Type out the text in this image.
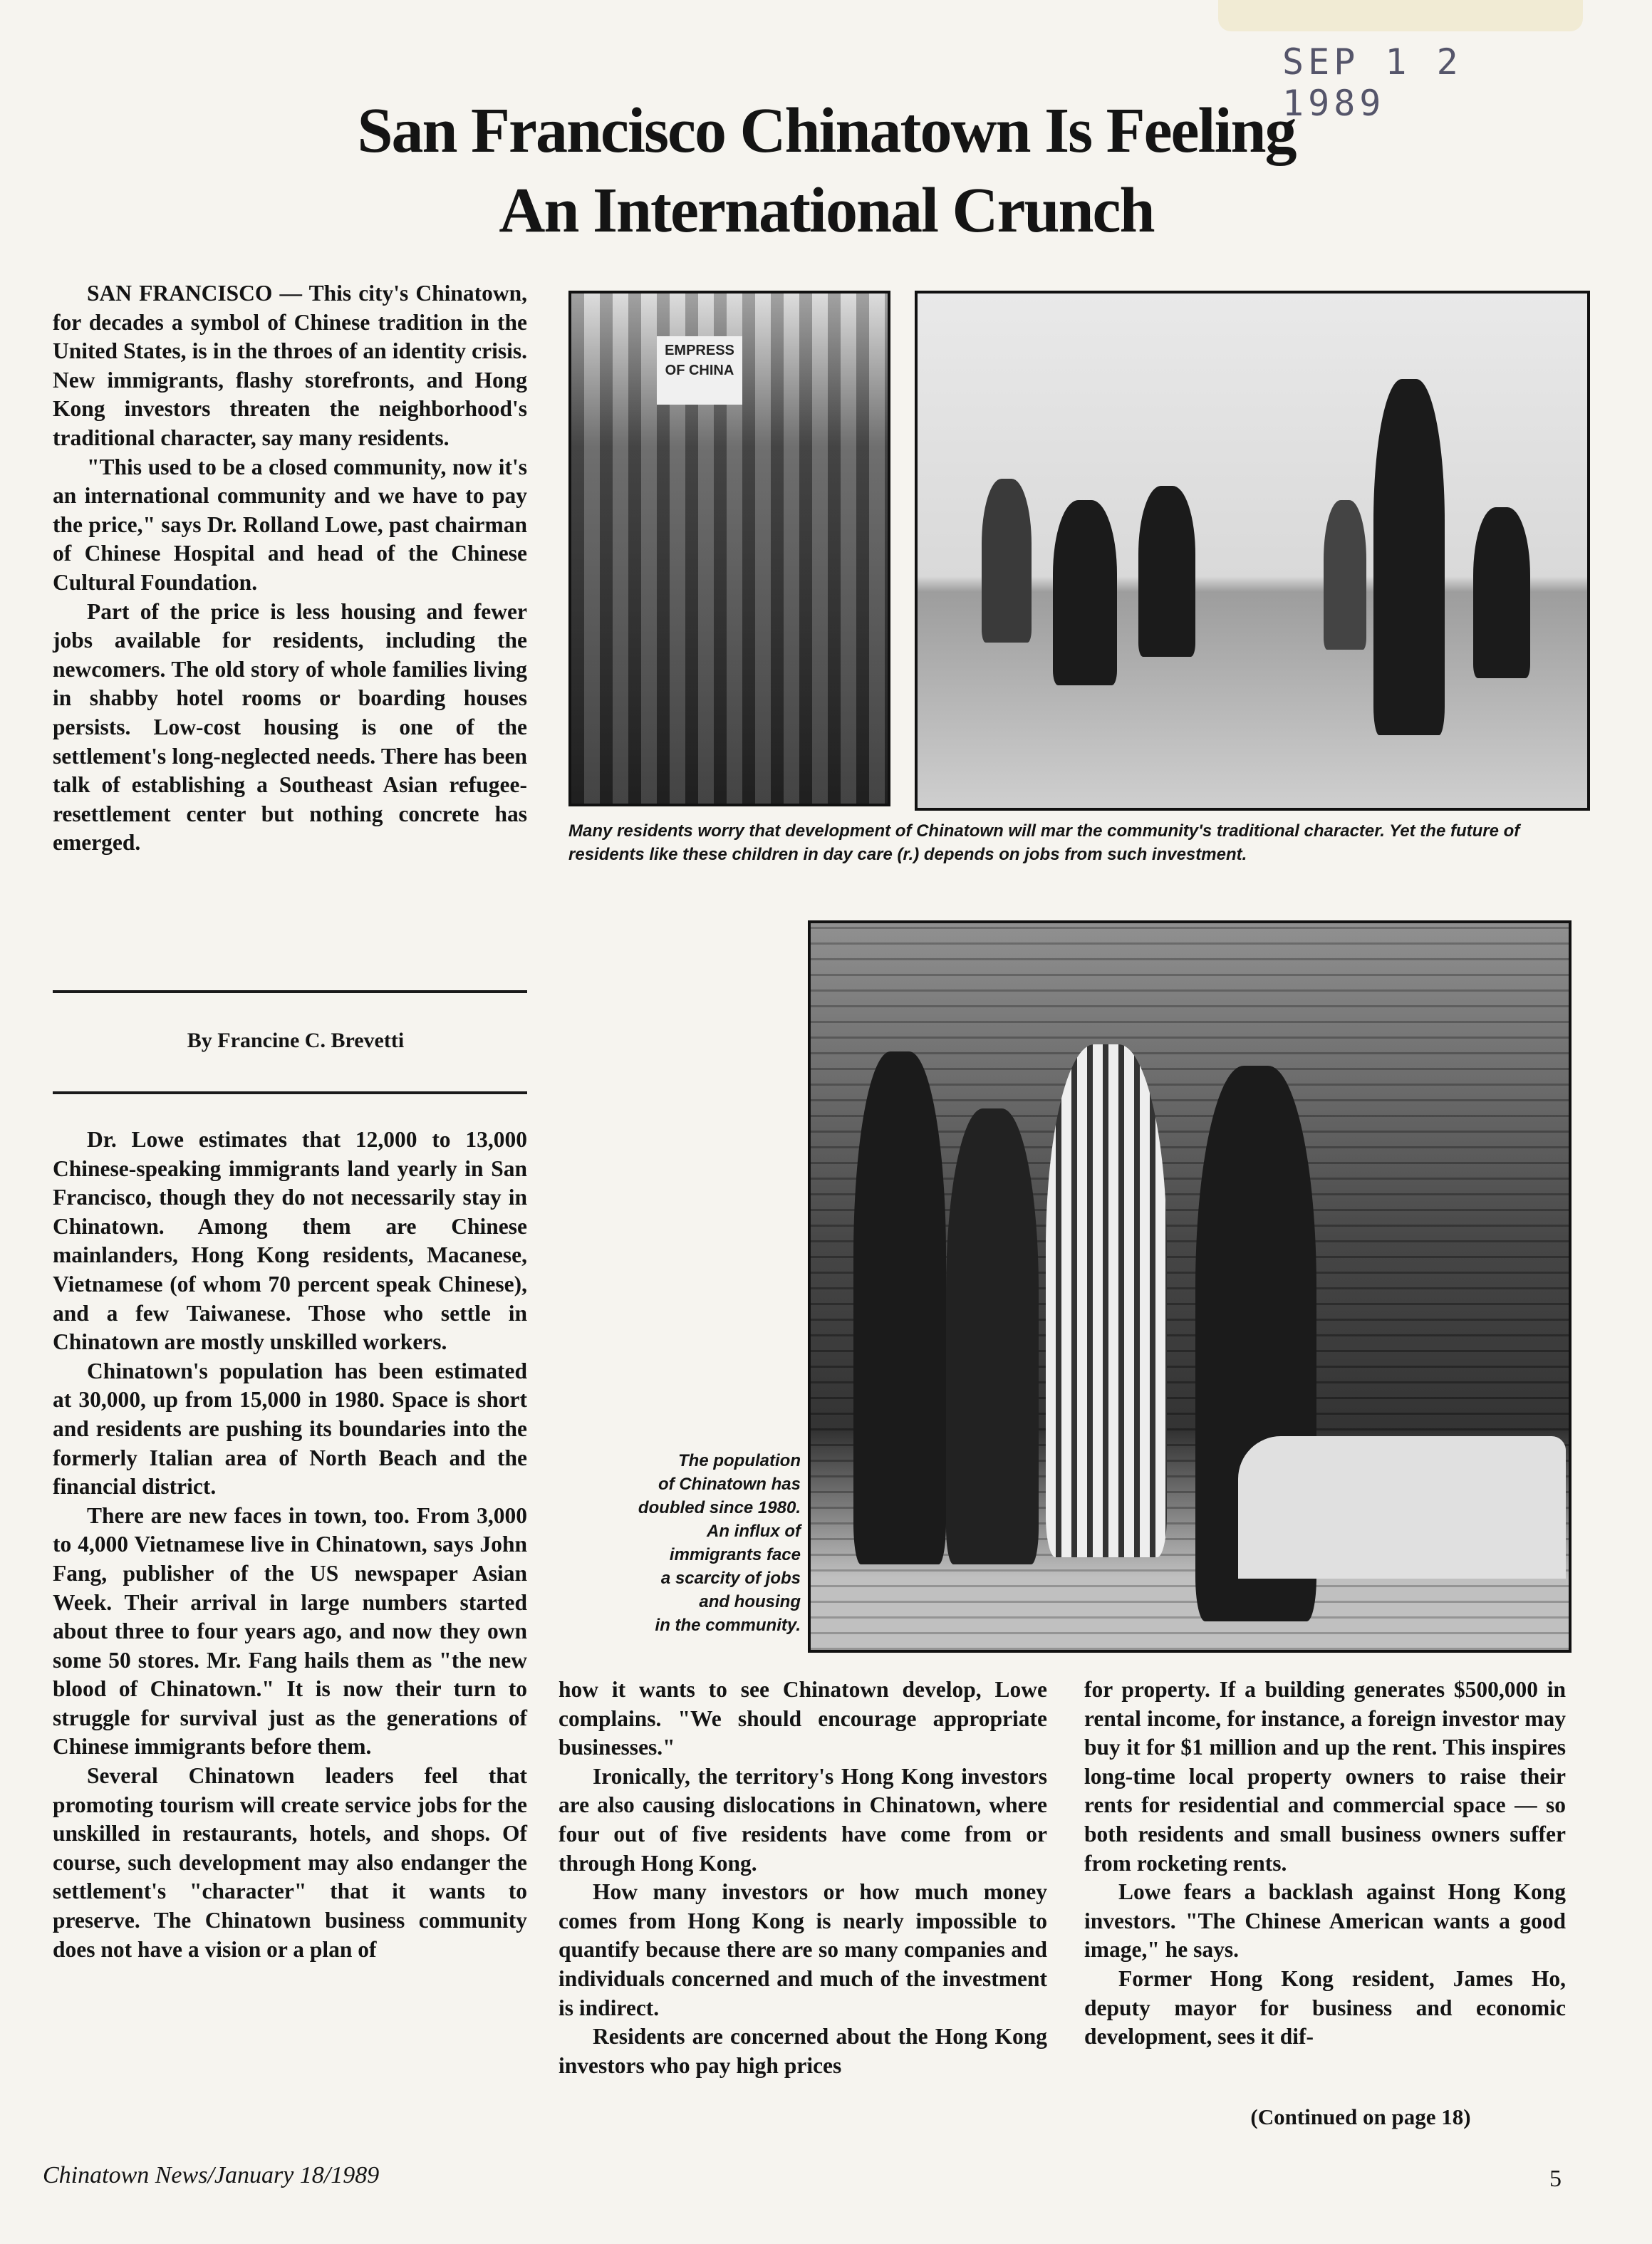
SEP 1 2 1989
San Francisco Chinatown Is Feeling
An International Crunch

SAN FRANCISCO — This city's Chinatown, for decades a symbol of Chinese tradition in the United States, is in the throes of an identity crisis. New immigrants, flashy storefronts, and Hong Kong investors threaten the neighborhood's traditional character, say many residents.

"This used to be a closed community, now it's an international community and we have to pay the price," says Dr. Rolland Lowe, past chairman of Chinese Hospital and head of the Chinese Cultural Foundation.

Part of the price is less housing and fewer jobs available for residents, including the newcomers. The old story of whole families living in shabby hotel rooms or boarding houses persists. Low-cost housing is one of the settlement's long-neglected needs. There has been talk of establishing a Southeast Asian refugee-resettlement center but nothing concrete has emerged.

By Francine C. Brevetti

Dr. Lowe estimates that 12,000 to 13,000 Chinese-speaking immigrants land yearly in San Francisco, though they do not necessarily stay in Chinatown. Among them are Chinese mainlanders, Hong Kong residents, Macanese, Vietnamese (of whom 70 percent speak Chinese), and a few Taiwanese. Those who settle in Chinatown are mostly unskilled workers.

Chinatown's population has been estimated at 30,000, up from 15,000 in 1980. Space is short and residents are pushing its boundaries into the formerly Italian area of North Beach and the financial district.

There are new faces in town, too. From 3,000 to 4,000 Vietnamese live in Chinatown, says John Fang, publisher of the US newspaper Asian Week. Their arrival in large numbers started about three to four years ago, and now they own some 50 stores. Mr. Fang hails them as "the new blood of Chinatown." It is now their turn to struggle for survival just as the generations of Chinese immigrants before them.

Several Chinatown leaders feel that promoting tourism will create service jobs for the unskilled in restaurants, hotels, and shops. Of course, such development may also endanger the settlement's "character" that it wants to preserve. The Chinatown business community does not have a vision or a plan of

EMPRESS OF CHINA
Many residents worry that development of Chinatown will mar the community's traditional character. Yet the future of residents like these children in day care (r.) depends on jobs from such investment.
The population
of Chinatown has
doubled since 1980.
An influx of
immigrants face
a scarcity of jobs
and housing
in the community.

how it wants to see Chinatown develop, Lowe complains. "We should encourage appropriate businesses."

Ironically, the territory's Hong Kong investors are also causing dislocations in Chinatown, where four out of five residents have come from or through Hong Kong.

How many investors or how much money comes from Hong Kong is nearly impossible to quantify because there are so many companies and individuals concerned and much of the investment is indirect.

Residents are concerned about the Hong Kong investors who pay high prices

for property. If a building generates $500,000 in rental income, for instance, a foreign investor may buy it for $1 million and up the rent. This inspires long-time local property owners to raise their rents for residential and commercial space — so both residents and small business owners suffer from rocketing rents.

Lowe fears a backlash against Hong Kong investors. "The Chinese American wants a good image," he says.

Former Hong Kong resident, James Ho, deputy mayor for business and economic development, sees it dif-

(Continued on page 18)
Chinatown News/January 18/1989	5
